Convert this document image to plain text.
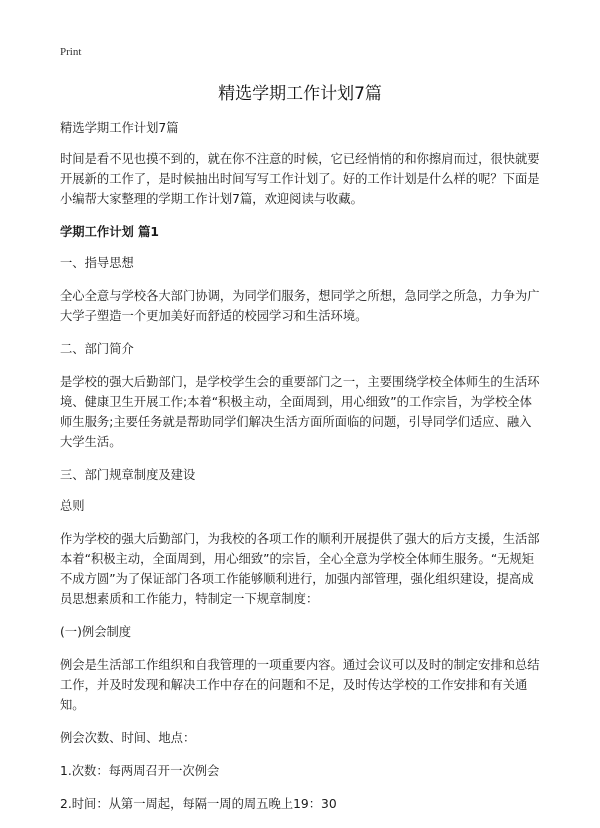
Print
精选学期工作计划7篇

精选学期工作计划7篇

时间是看不见也摸不到的，就在你不注意的时候，它已经悄悄的和你擦肩而过，很快就要开展新的工作了，是时候抽出时间写写工作计划了。好的工作计划是什么样的呢？下面是小编帮大家整理的学期工作计划7篇，欢迎阅读与收藏。

学期工作计划 篇1

一、指导思想

全心全意与学校各大部门协调，为同学们服务，想同学之所想，急同学之所急，力争为广大学子塑造一个更加美好而舒适的校园学习和生活环境。

二、部门简介

是学校的强大后勤部门，是学校学生会的重要部门之一，主要围绕学校全体师生的生活环境、健康卫生开展工作;本着“积极主动，全面周到，用心细致”的工作宗旨，为学校全体师生服务;主要任务就是帮助同学们解决生活方面所面临的问题，引导同学们适应、融入大学生活。

三、部门规章制度及建设

总则

作为学校的强大后勤部门，为我校的各项工作的顺利开展提供了强大的后方支援，生活部本着“积极主动，全面周到，用心细致”的宗旨，全心全意为学校全体师生服务。“无规矩不成方圆”为了保证部门各项工作能够顺利进行，加强内部管理，强化组织建设，提高成员思想素质和工作能力，特制定一下规章制度：

(一)例会制度

例会是生活部工作组织和自我管理的一项重要内容。通过会议可以及时的制定安排和总结工作，并及时发现和解决工作中存在的问题和不足，及时传达学校的工作安排和有关通知。

例会次数、时间、地点：

1.次数：每两周召开一次例会

2.时间：从第一周起，每隔一周的周五晚上19：30
